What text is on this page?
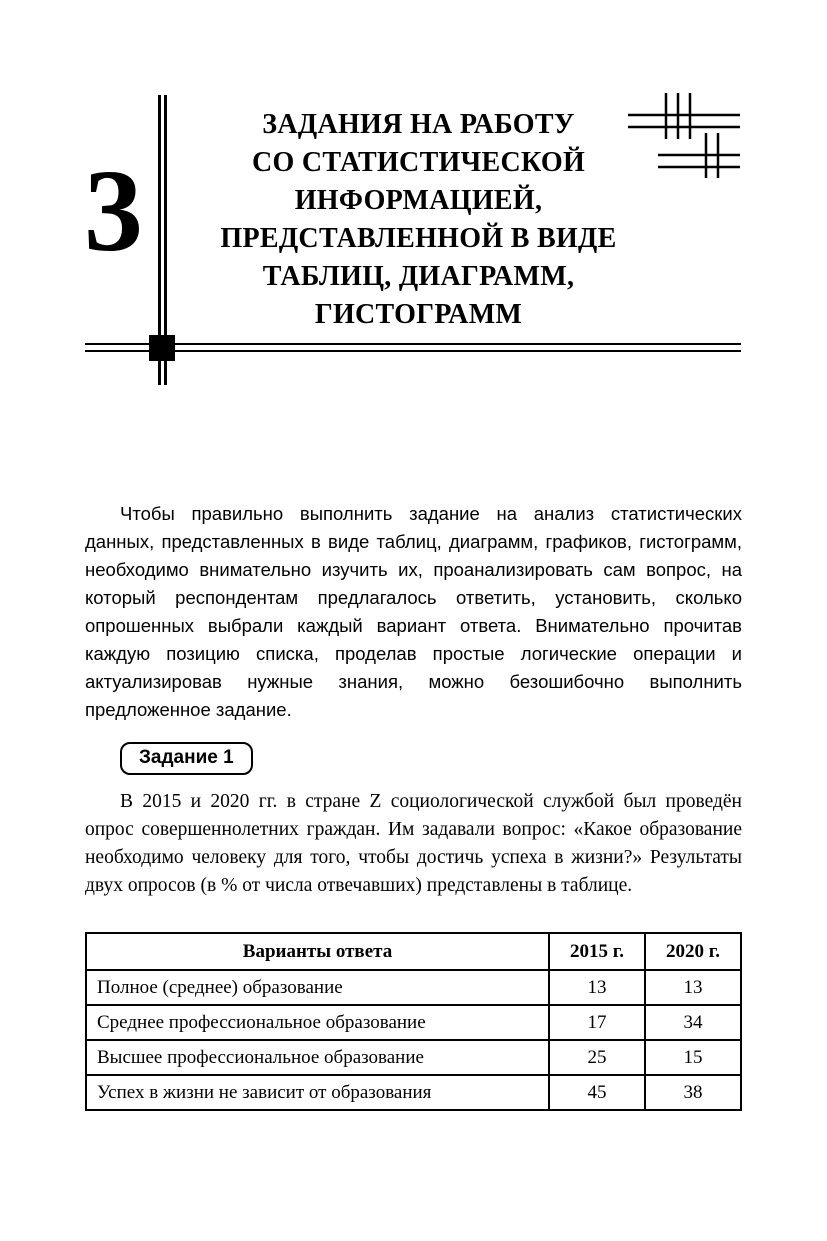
3
ЗАДАНИЯ НА РАБОТУ
СО СТАТИСТИЧЕСКОЙ
ИНФОРМАЦИЕЙ,
ПРЕДСТАВЛЕННОЙ В ВИДЕ
ТАБЛИЦ, ДИАГРАММ,
ГИСТОГРАММ

Чтобы правильно выполнить задание на анализ статистических данных, представленных в виде таблиц, диаграмм, графиков, гистограмм, необходимо внимательно изучить их, проанализировать сам вопрос, на который респондентам предлагалось ответить, установить, сколько опрошенных выбрали каждый вариант ответа. Внимательно прочитав каждую позицию списка, проделав простые логические операции и актуализировав нужные знания, можно безошибочно выполнить предложенное задание.

Задание 1

В 2015 и 2020 гг. в стране Z социологической службой был проведён опрос совершеннолетних граждан. Им задавали вопрос: «Какое образование необходимо человеку для того, чтобы достичь успеха в жизни?» Результаты двух опросов (в % от числа отвечавших) представлены в таблице.

Варианты ответа	2015 г.	2020 г.
Полное (среднее) образование	13	13
Среднее профессиональное образование	17	34
Высшее профессиональное образование	25	15
Успех в жизни не зависит от образования	45	38
